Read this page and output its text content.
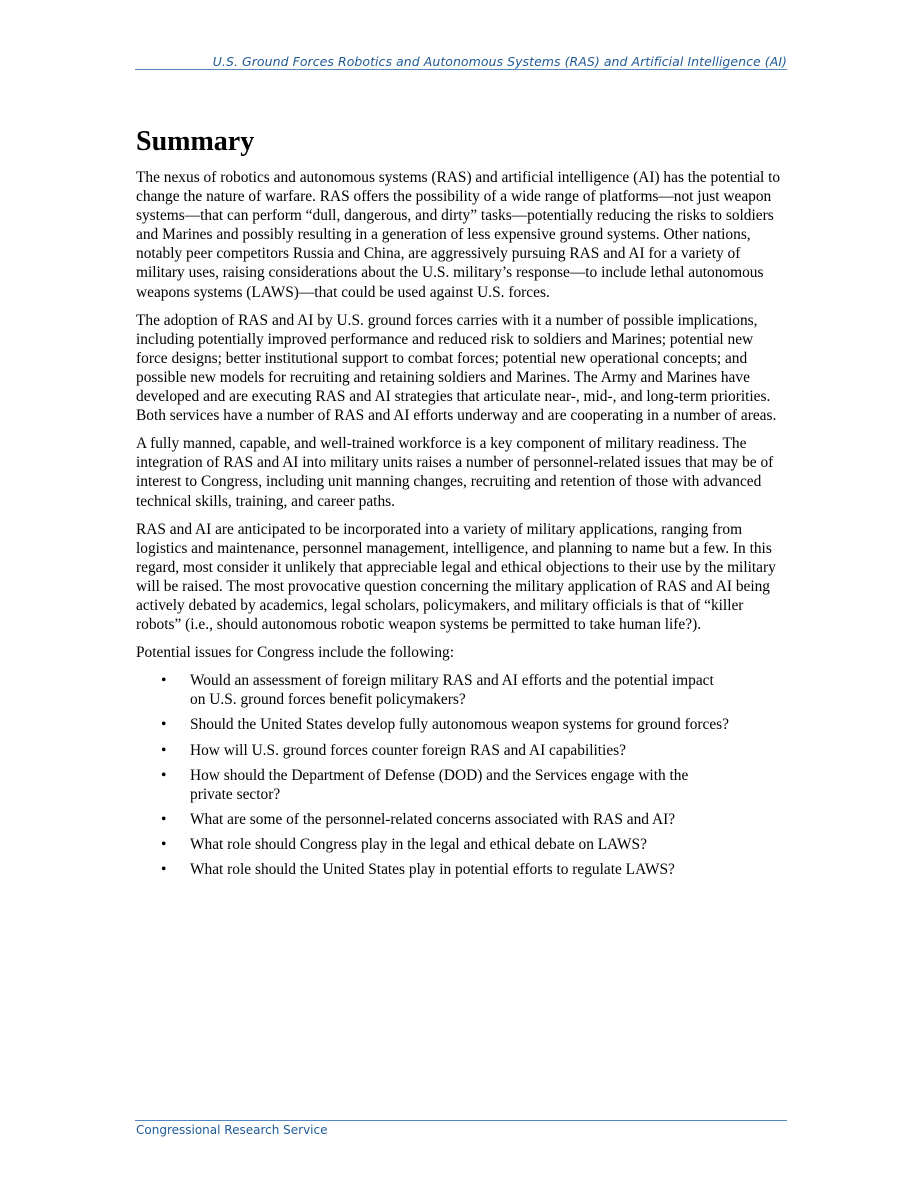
U.S. Ground Forces Robotics and Autonomous Systems (RAS) and Artificial Intelligence (AI)
Summary

The nexus of robotics and autonomous systems (RAS) and artificial intelligence (AI) has the potential to change the nature of warfare. RAS offers the possibility of a wide range of platforms—not just weapon systems—that can perform “dull, dangerous, and dirty” tasks—potentially reducing the risks to soldiers and Marines and possibly resulting in a generation of less expensive ground systems. Other nations, notably peer competitors Russia and China, are aggressively pursuing RAS and AI for a variety of military uses, raising considerations about the U.S. military’s response—to include lethal autonomous weapons systems (LAWS)—that could be used against U.S. forces.

The adoption of RAS and AI by U.S. ground forces carries with it a number of possible implications, including potentially improved performance and reduced risk to soldiers and Marines; potential new force designs; better institutional support to combat forces; potential new operational concepts; and possible new models for recruiting and retaining soldiers and Marines. The Army and Marines have developed and are executing RAS and AI strategies that articulate near-, mid-, and long-term priorities. Both services have a number of RAS and AI efforts underway and are cooperating in a number of areas.

A fully manned, capable, and well-trained workforce is a key component of military readiness. The integration of RAS and AI into military units raises a number of personnel-related issues that may be of interest to Congress, including unit manning changes, recruiting and retention of those with advanced technical skills, training, and career paths.

RAS and AI are anticipated to be incorporated into a variety of military applications, ranging from logistics and maintenance, personnel management, intelligence, and planning to name but a few. In this regard, most consider it unlikely that appreciable legal and ethical objections to their use by the military will be raised. The most provocative question concerning the military application of RAS and AI being actively debated by academics, legal scholars, policymakers, and military officials is that of “killer robots” (i.e., should autonomous robotic weapon systems be permitted to take human life?).

Potential issues for Congress include the following:

• Would an assessment of foreign military RAS and AI efforts and the potential impact on U.S. ground forces benefit policymakers?
• Should the United States develop fully autonomous weapon systems for ground forces?
• How will U.S. ground forces counter foreign RAS and AI capabilities?
• How should the Department of Defense (DOD) and the Services engage with the private sector?
• What are some of the personnel-related concerns associated with RAS and AI?
• What role should Congress play in the legal and ethical debate on LAWS?
• What role should the United States play in potential efforts to regulate LAWS?
Congressional Research Service
